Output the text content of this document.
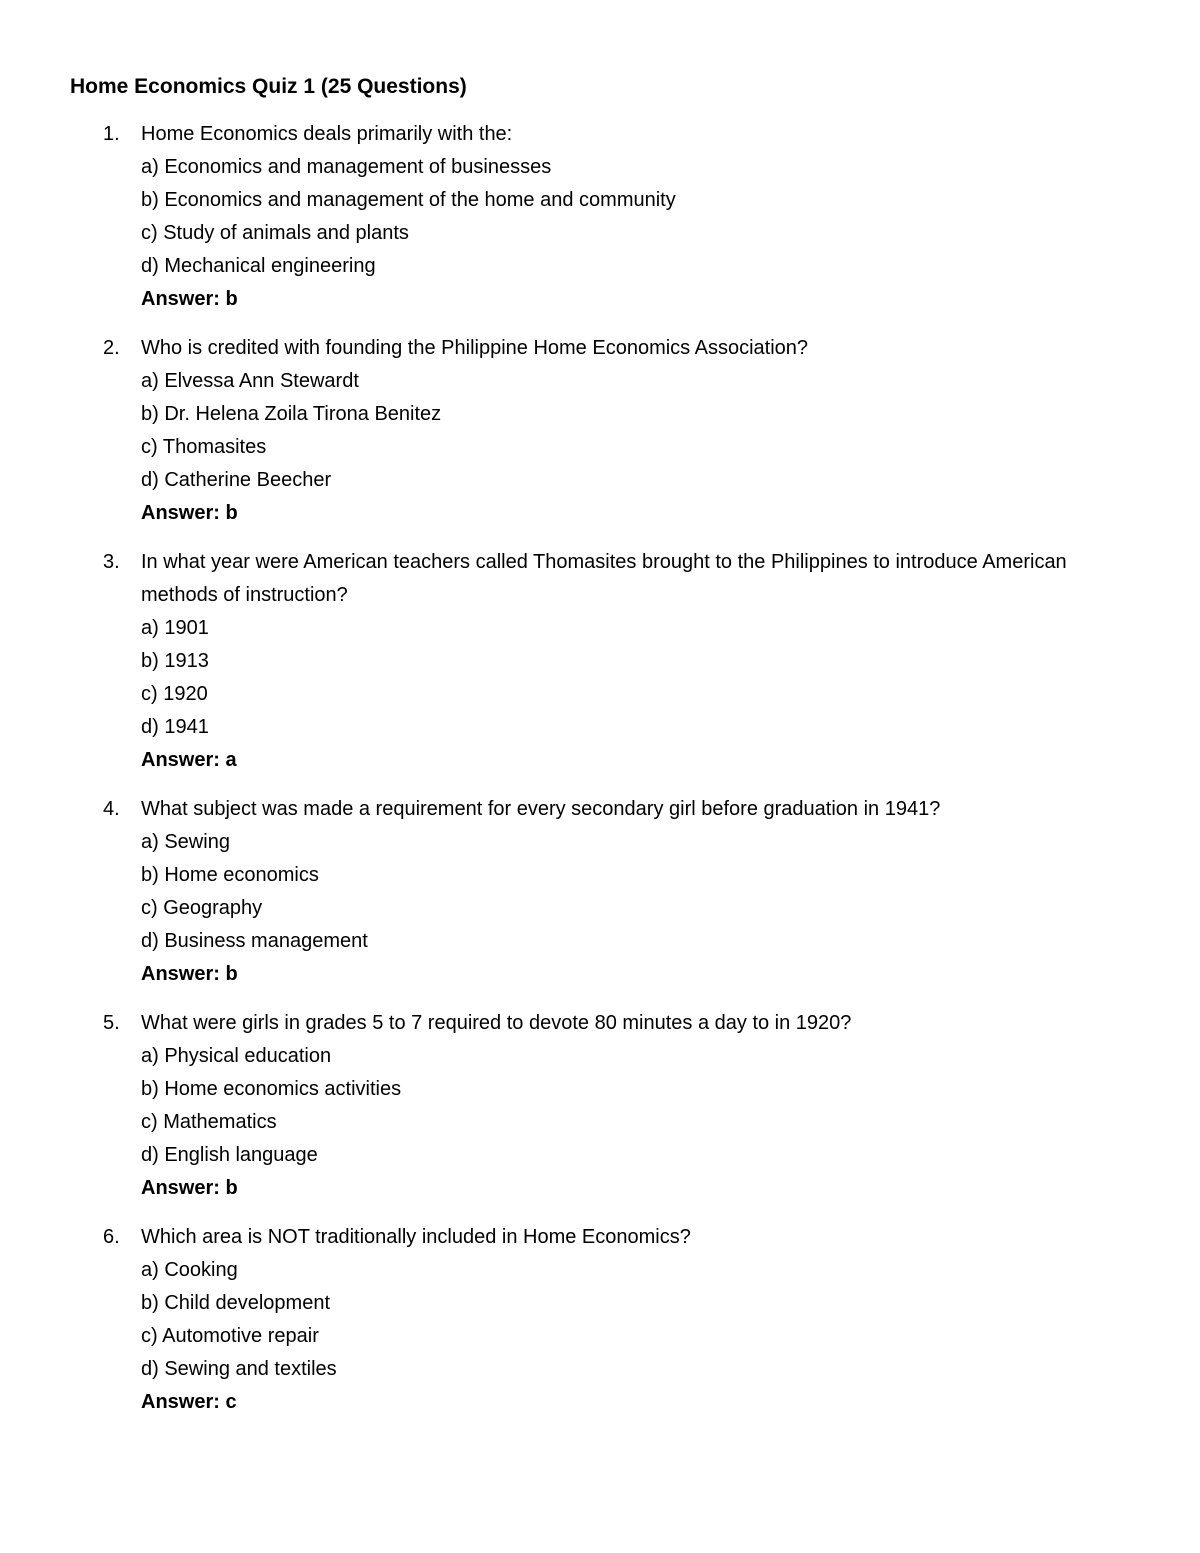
Home Economics Quiz 1 (25 Questions)
1. Home Economics deals primarily with the:

a) Economics and management of businesses
b) Economics and management of the home and community
c) Study of animals and plants
d) Mechanical engineering

Answer: b

2. Who is credited with founding the Philippine Home Economics Association?

a) Elvessa Ann Stewardt
b) Dr. Helena Zoila Tirona Benitez
c) Thomasites
d) Catherine Beecher

Answer: b

3. In what year were American teachers called Thomasites brought to the Philippines to introduce American methods of instruction?

a) 1901
b) 1913
c) 1920
d) 1941

Answer: a

4. What subject was made a requirement for every secondary girl before graduation in 1941?

a) Sewing
b) Home economics
c) Geography
d) Business management

Answer: b

5. What were girls in grades 5 to 7 required to devote 80 minutes a day to in 1920?

a) Physical education
b) Home economics activities
c) Mathematics
d) English language

Answer: b

6. Which area is NOT traditionally included in Home Economics?

a) Cooking
b) Child development
c) Automotive repair
d) Sewing and textiles

Answer: c
